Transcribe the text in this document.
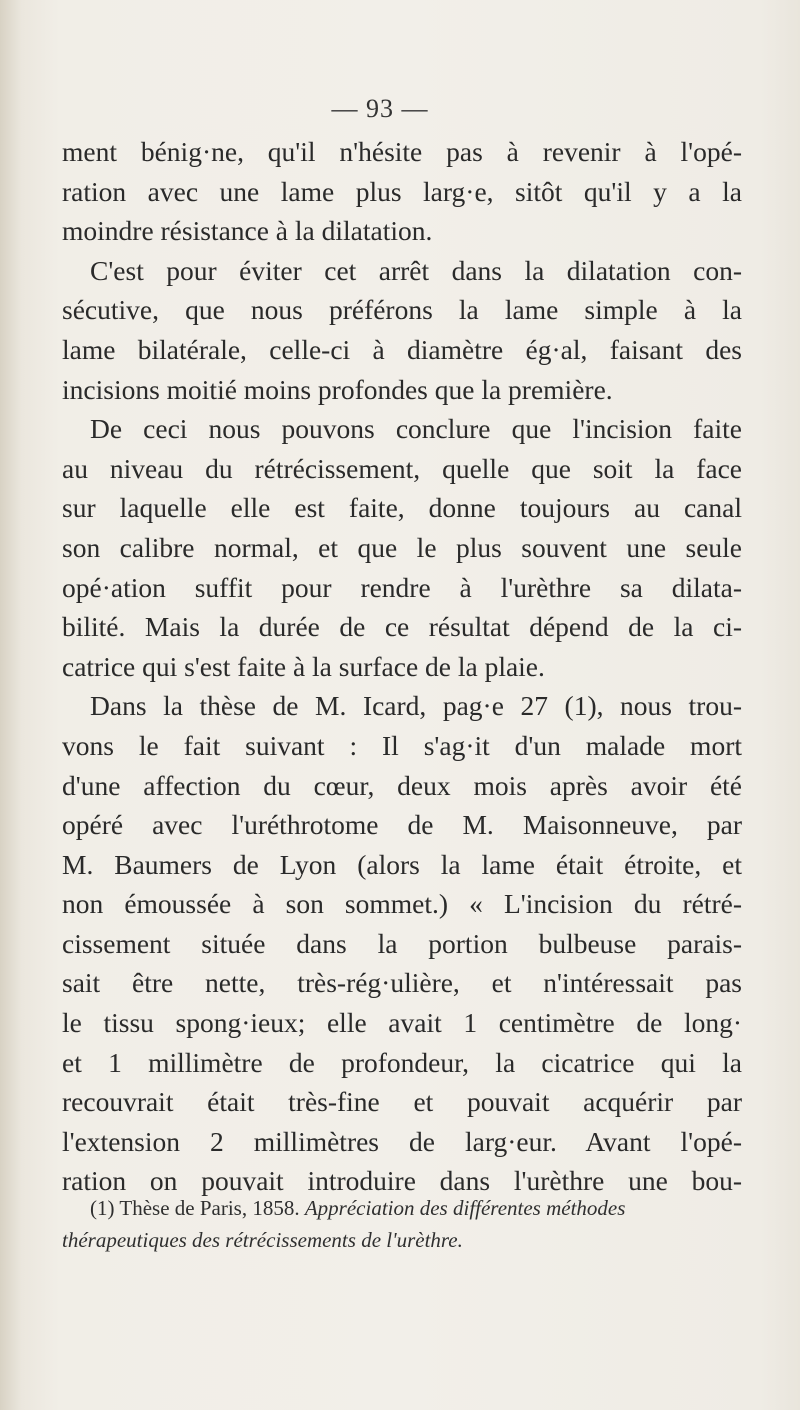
— 93 —
ment bénig·ne, qu'il n'hésite pas à revenir à l'opé-
ration avec une lame plus larg·e, sitôt qu'il y a la
moindre résistance à la dilatation.
C'est pour éviter cet arrêt dans la dilatation con-
sécutive, que nous préférons la lame simple à la
lame bilatérale, celle-ci à diamètre ég·al, faisant des
incisions moitié moins profondes que la première.
De ceci nous pouvons conclure que l'incision faite
au niveau du rétrécissement, quelle que soit la face
sur laquelle elle est faite, donne toujours au canal
son calibre normal, et que le plus souvent une seule
opé·ation suffit pour rendre à l'urèthre sa dilata-
bilité. Mais la durée de ce résultat dépend de la ci-
catrice qui s'est faite à la surface de la plaie.
Dans la thèse de M. Icard, pag·e 27 (1), nous trou-
vons le fait suivant : Il s'ag·it d'un malade mort
d'une affection du cœur, deux mois après avoir été
opéré avec l'uréthrotome de M. Maisonneuve, par
M. Baumers de Lyon (alors la lame était étroite, et
non émoussée à son sommet.) « L'incision du rétré-
cissement située dans la portion bulbeuse parais-
sait être nette, très-rég·ulière, et n'intéressait pas
le tissu spong·ieux; elle avait 1 centimètre de long·
et 1 millimètre de profondeur, la cicatrice qui la
recouvrait était très-fine et pouvait acquérir par
l'extension 2 millimètres de larg·eur. Avant l'opé-
ration on pouvait introduire dans l'urèthre une bou-
(1) Thèse de Paris, 1858. Appréciation des différentes méthodes
thérapeutiques des rétrécissements de l'urèthre.
